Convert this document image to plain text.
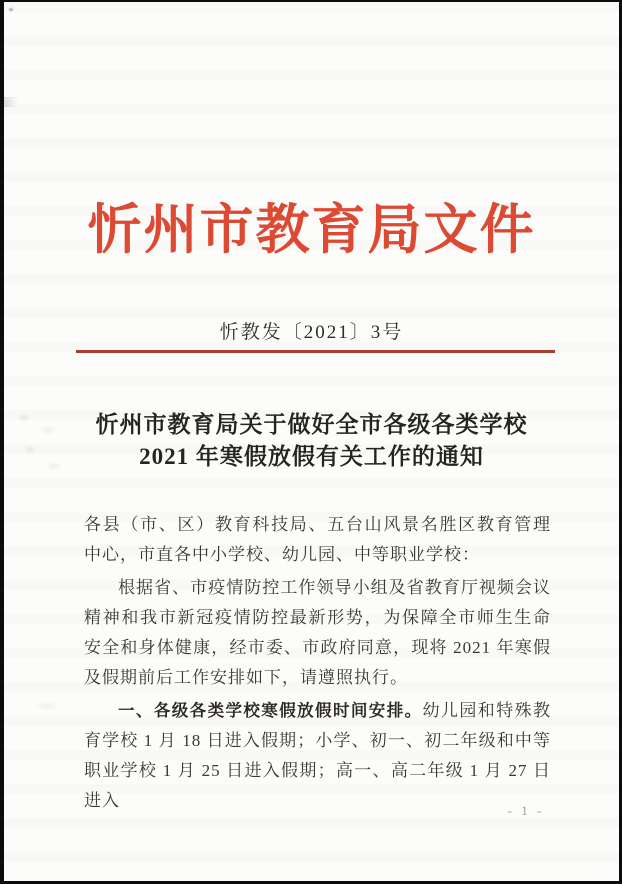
忻州市教育局文件
忻教发〔2021〕3号
忻州市教育局关于做好全市各级各类学校
2021 年寒假放假有关工作的通知

各县（市、区）教育科技局、五台山风景名胜区教育管理中心，市直各中小学校、幼儿园、中等职业学校：

根据省、市疫情防控工作领导小组及省教育厅视频会议精神和我市新冠疫情防控最新形势，为保障全市师生生命安全和身体健康，经市委、市政府同意，现将 2021 年寒假及假期前后工作安排如下，请遵照执行。

一、各级各类学校寒假放假时间安排。幼儿园和特殊教育学校 1 月 18 日进入假期；小学、初一、初二年级和中等职业学校 1 月 25 日进入假期；高一、高二年级 1 月 27 日进入

- 1 -
